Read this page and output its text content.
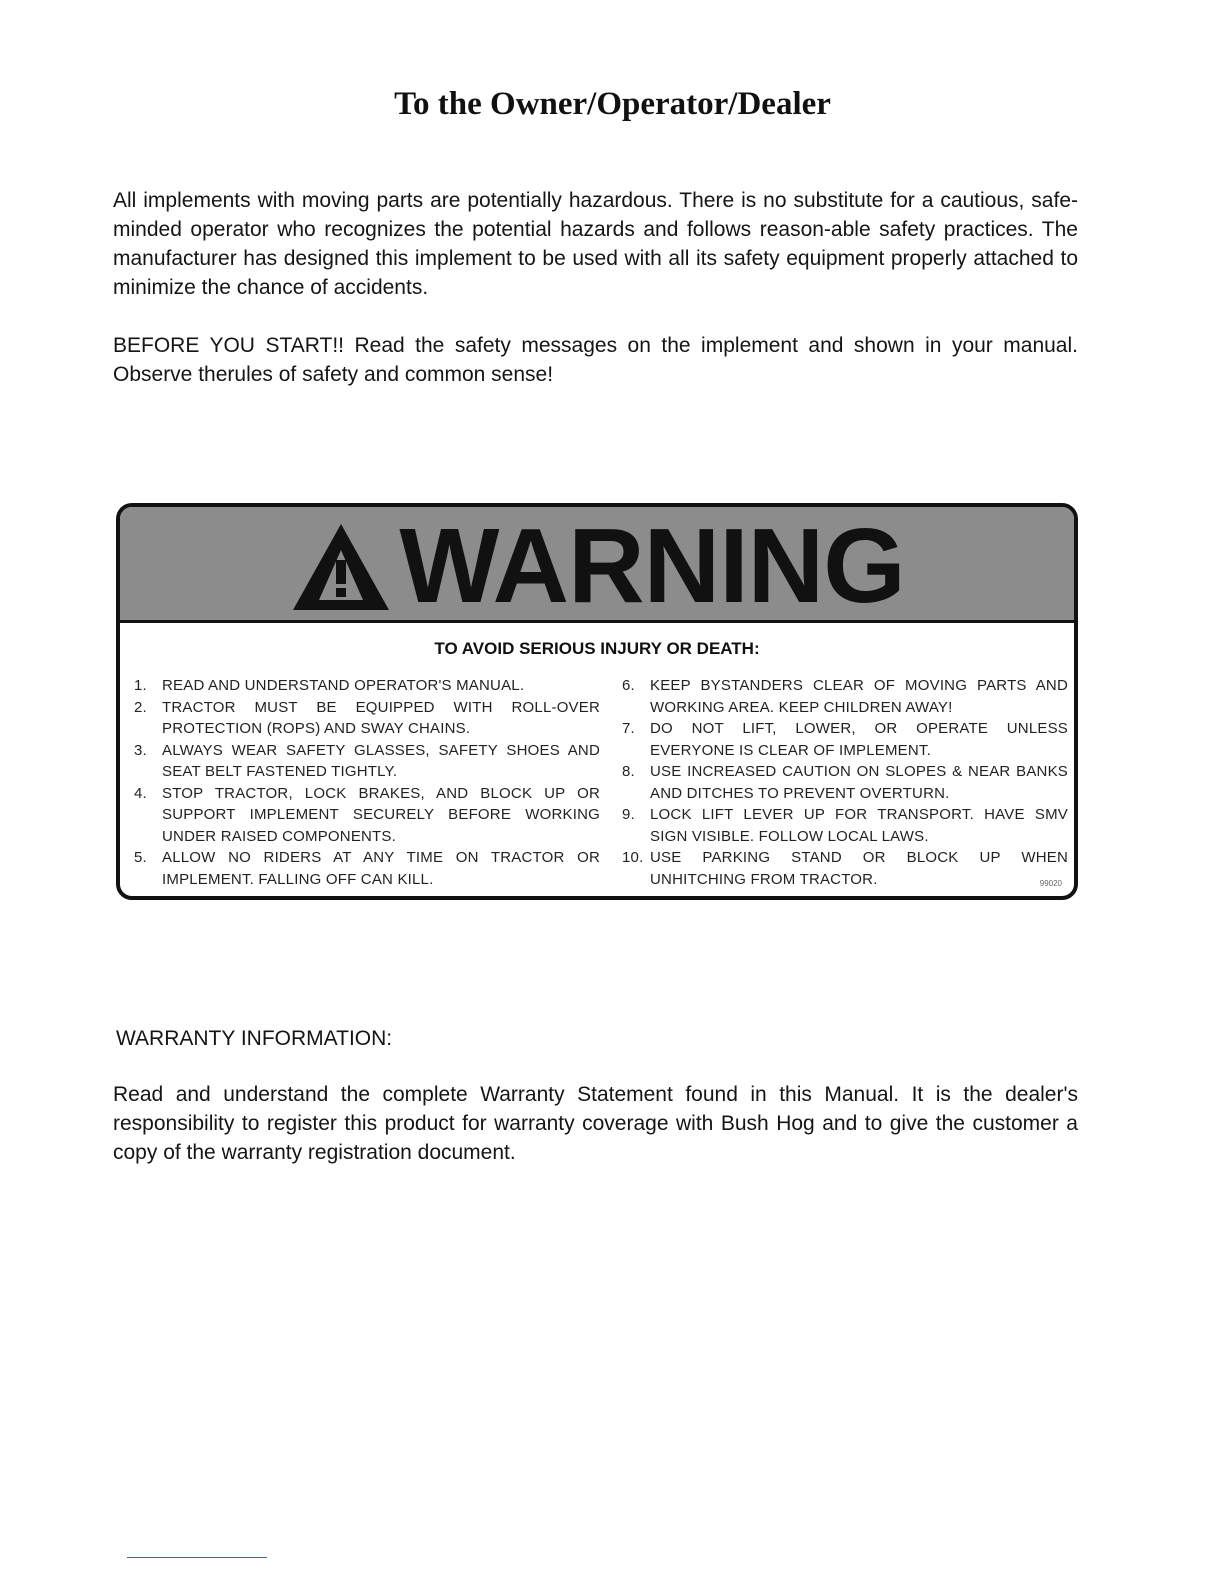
To the Owner/Operator/Dealer
All implements with moving parts are potentially hazardous. There is no substitute for a cautious, safe-minded operator who recognizes the potential hazards and follows reason-able safety practices. The manufacturer has designed this implement to be used with all its safety equipment properly attached to minimize the chance of accidents.
BEFORE YOU START!! Read the safety messages on the implement and shown in your manual. Observe therules of safety and common sense!
WARNING
TO AVOID SERIOUS INJURY OR DEATH:
1.	READ AND UNDERSTAND OPERATOR'S MANUAL.
2.	TRACTOR MUST BE EQUIPPED WITH ROLL-OVER PROTECTION (ROPS) AND SWAY CHAINS.
3.	ALWAYS WEAR SAFETY GLASSES, SAFETY SHOES AND SEAT BELT FASTENED TIGHTLY.
4.	STOP TRACTOR, LOCK BRAKES, AND BLOCK UP OR SUPPORT IMPLEMENT SECURELY BEFORE WORKING UNDER RAISED COMPONENTS.
5.	ALLOW NO RIDERS AT ANY TIME ON TRACTOR OR IMPLEMENT. FALLING OFF CAN KILL.
6.	KEEP BYSTANDERS CLEAR OF MOVING PARTS AND WORKING AREA. KEEP CHILDREN AWAY!
7.	DO NOT LIFT, LOWER, OR OPERATE UNLESS EVERYONE IS CLEAR OF IMPLEMENT.
8.	USE INCREASED CAUTION ON SLOPES & NEAR BANKS AND DITCHES TO PREVENT OVERTURN.
9.	LOCK LIFT LEVER UP FOR TRANSPORT. HAVE SMV SIGN VISIBLE. FOLLOW LOCAL LAWS.
10. USE PARKING STAND OR BLOCK UP WHEN UNHITCHING FROM TRACTOR.	99020
WARRANTY INFORMATION:
Read and understand the complete Warranty Statement found in this Manual. It is the dealer's responsibility to register this product for warranty coverage with Bush Hog and to give the customer a copy of the warranty registration document.
